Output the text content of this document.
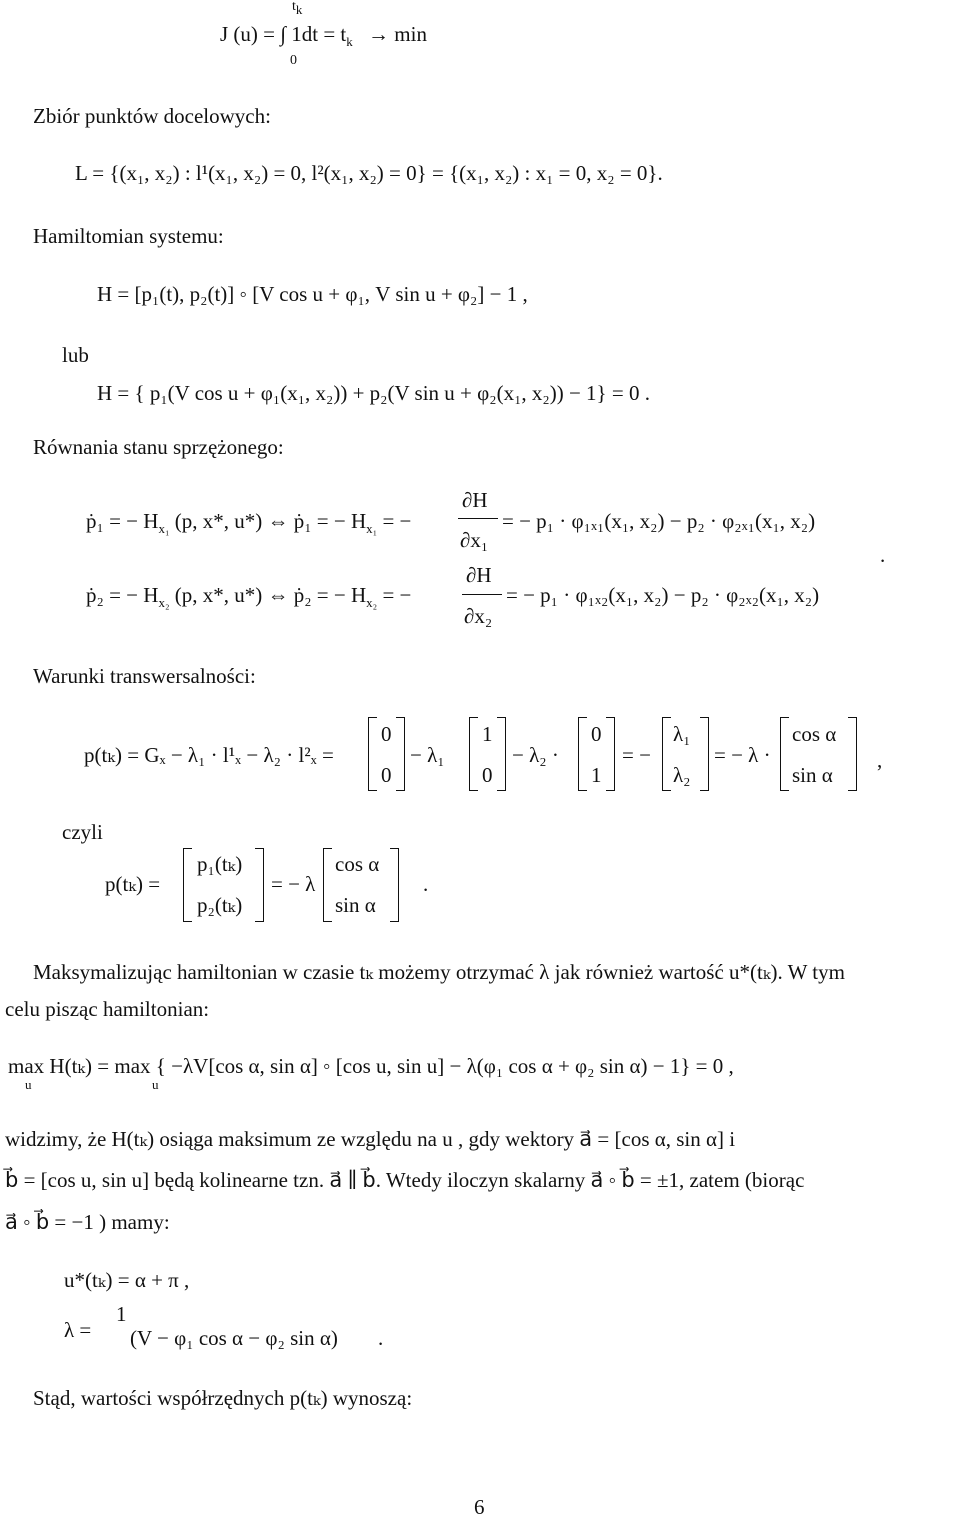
$t_k$
J (u) = ∫ $1dt = t_k \to \min$
0
Zbiór punktów docelowych:
L = {(x₁, x₂) : l¹(x₁, x₂) = 0, l²(x₁, x₂) = 0} = {(x₁, x₂) : x₁ = 0, x₂ = 0}.
Hamiltomian systemu:
H = [p₁(t), p₂(t)] ◦ [V cos u + φ₁, V sin u + φ₂] − 1 ,
lub
H = { p₁(V cos u + φ₁(x₁, x₂)) + p₂(V sin u + φ₂(x₁, x₂)) − 1} = 0 .
Równania stanu sprzężonego:
ṗ₁ = − $H_{x_1}$ (p, x*, u*) ⇔ ṗ₁ = − $H_{x_1}$ = −
∂H
∂x₁
= − p₁ · φ₁ₓ₁(x₁, x₂) − p₂ · φ₂ₓ₁(x₁, x₂)
.
ṗ₂ = − $H_{x_2}$ (p, x*, u*) ⇔ ṗ₂ = − $H_{x_2}$ = −
∂H
∂x₂
= − p₁ · φ₁ₓ₂(x₁, x₂) − p₂ · φ₂ₓ₂(x₁, x₂)
Warunki transwersalności:
p(tₖ) = Gₓ − λ₁ · l¹ₓ − λ₂ · l²ₓ =
0
0
− λ₁
1
0
− λ₂ ·
0
1
= −
λ₁
λ₂
= − λ ·
cos α
sin α
,
czyli
p(tₖ) =
p₁(tₖ)
p₂(tₖ)
= − λ
cos α
sin α
.
Maksymalizując hamiltonian w czasie tₖ możemy otrzymać λ jak również wartość u*(tₖ). W tym
celu pisząc hamiltonian:
max H(tₖ) = max { −λV[cos α, sin α] ◦ [cos u, sin u] − λ(φ₁ cos α + φ₂ sin α) − 1} = 0 ,
u	u
widzimy, że H(tₖ) osiąga maksimum ze względu na u , gdy wektory a⃗ = [cos α, sin α] i
b⃗ = [cos u, sin u] będą kolinearne tzn. a⃗ ∥ b⃗. Wtedy iloczyn skalarny a⃗ ◦ b⃗ = ±1, zatem (biorąc
a⃗ ◦ b⃗ = −1 ) mamy:
u*(tₖ) = α + π ,
λ =
1
(V − φ₁ cos α − φ₂ sin α) .
Stąd, wartości współrzędnych p(tₖ) wynoszą:
6
